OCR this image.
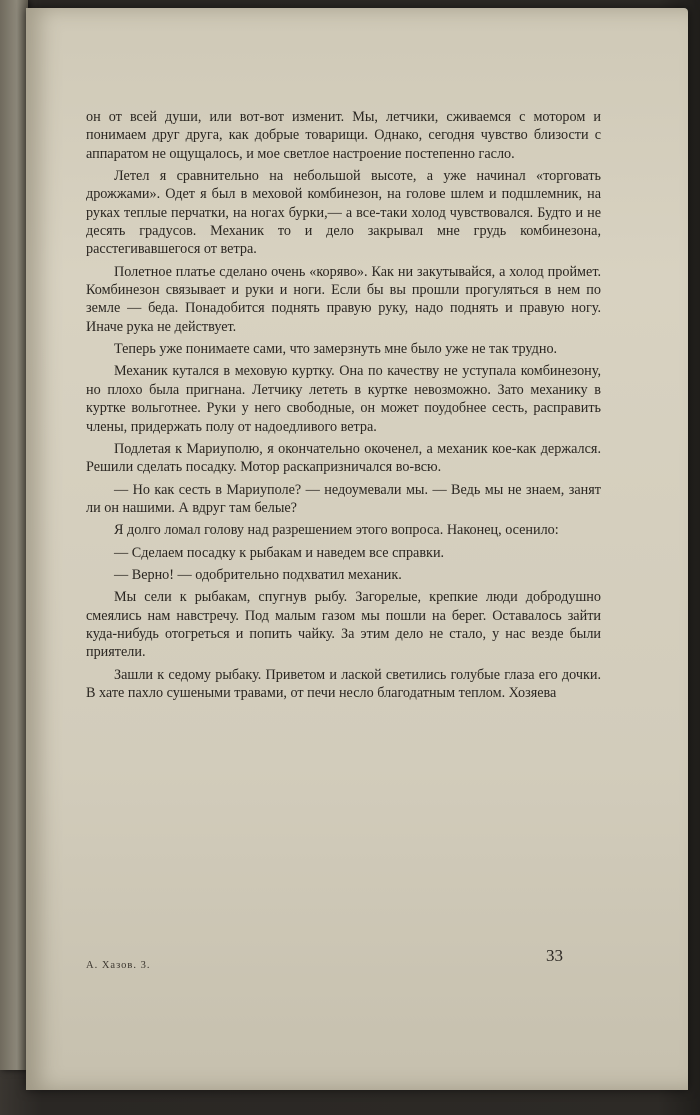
он от всей души, или вот-вот изменит. Мы, летчики, сживаемся с мотором и понимаем друг друга, как добрые товарищи. Однако, сегодня чувство близости с аппаратом не ощущалось, и мое светлое настроение постепенно гасло.

Летел я сравнительно на небольшой высоте, а уже начинал «торговать дрожжами». Одет я был в меховой комбинезон, на голове шлем и подшлемник, на руках теплые перчатки, на ногах бурки,— а все-таки холод чувствовался. Будто и не десять градусов. Механик то и дело закрывал мне грудь комбинезона, расстегивавшегося от ветра.

Полетное платье сделано очень «коряво». Как ни закутывайся, а холод проймет. Комбинезон связывает и руки и ноги. Если бы вы прошли прогуляться в нем по земле — беда. Понадобится поднять правую руку, надо поднять и правую ногу. Иначе рука не действует.

Теперь уже понимаете сами, что замерзнуть мне было уже не так трудно.

Механик кутался в меховую куртку. Она по качеству не уступала комбинезону, но плохо была пригнана. Летчику лететь в куртке невозможно. Зато механику в куртке вольготнее. Руки у него свободные, он может поудобнее сесть, расправить члены, придержать полу от надоедливого ветра.

Подлетая к Мариуполю, я окончательно окоченел, а механик кое-как держался. Решили сделать посадку. Мотор раскапризничался во-всю.

— Но как сесть в Мариуполе? — недоумевали мы. — Ведь мы не знаем, занят ли он нашими. А вдруг там белые?

Я долго ломал голову над разрешением этого вопроса. Наконец, осенило:

— Сделаем посадку к рыбакам и наведем все справки.

— Верно! — одобрительно подхватил механик.

Мы сели к рыбакам, спугнув рыбу. Загорелые, крепкие люди добродушно смеялись нам навстречу. Под малым газом мы пошли на берег. Оставалось зайти куда-нибудь отогреться и попить чайку. За этим дело не стало, у нас везде были приятели.

Зашли к седому рыбаку. Приветом и лаской светились голубые глаза его дочки. В хате пахло сушеными травами, от печи несло благодатным теплом. Хозяева

33
А. Хазов. 3.
